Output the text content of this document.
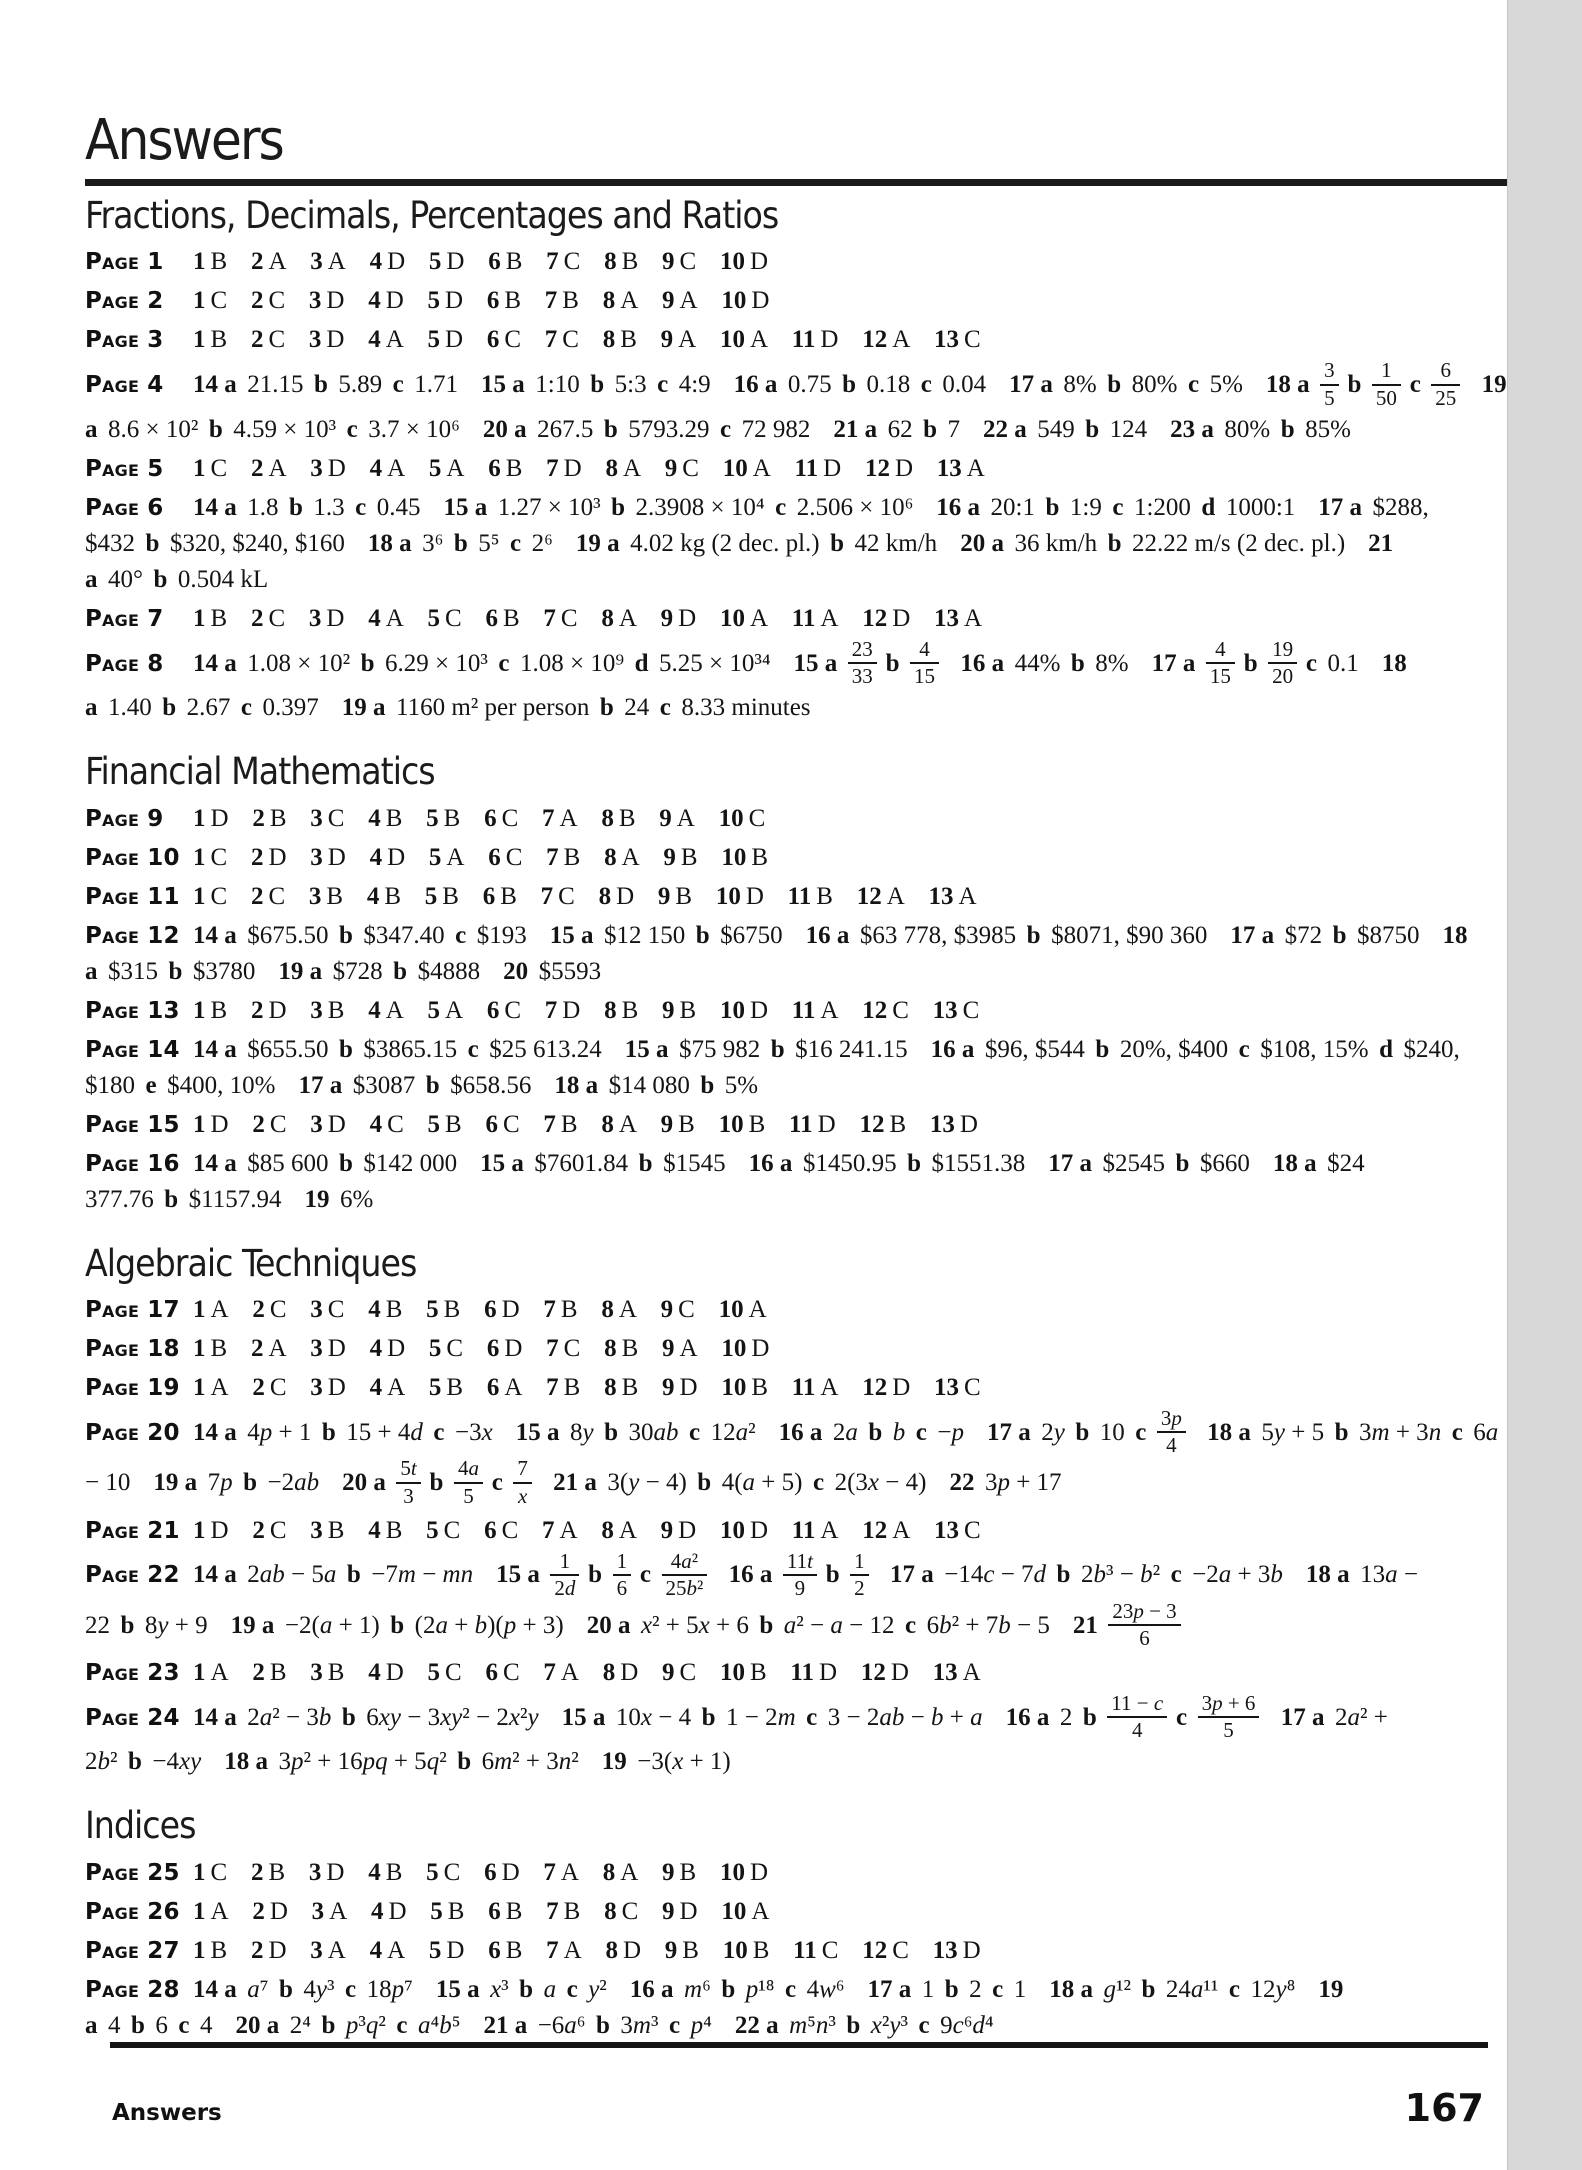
Answers
Fractions, Decimals, Percentages and Ratios

Page 1 1 B 2 A 3 A 4 D 5 D 6 B 7 C 8 B 9 C 10 D

Page 2 1 C 2 C 3 D 4 D 5 D 6 B 7 B 8 A 9 A 10 D

Page 3 1 B 2 C 3 D 4 A 5 D 6 C 7 C 8 B 9 A 10 A 11 D 12 A 13 C

Page 4 14 a 21.15 b 5.89 c 1.71 15 a 1:10 b 5:3 c 4:9 16 a 0.75 b 0.18 c 0.04 17 a 8% b 80% c 5% 18 a $\frac{3}{5}$ b $\frac{1}{50}$ c $\frac{6}{25} 19$ a 8.6 × 10² b 4.59 × 10³ c 3.7 × 10⁶ 20 a 267.5 b 5793.29 c 72 982 21 a 62 b 7 22 a 549 b 124 23 a 80% b 85%

Page 5 1 C 2 A 3 D 4 A 5 A 6 B 7 D 8 A 9 C 10 A 11 D 12 D 13 A

Page 6 14 a 1.8 b 1.3 c 0.45 15 a 1.27 × 10³ b 2.3908 × 10⁴ c 2.506 × 10⁶ 16 a 20:1 b 1:9 c 1:200 d 1000:1 17 a $288, $432 b $320, $240, $160 18 a 3⁶ b 5⁵ c 2⁶ 19 a 4.02 kg (2 dec. pl.) b 42 km/h 20 a 36 km/h b 22.22 m/s (2 dec. pl.) 21 a 40° b 0.504 kL

Page 7 1 B 2 C 3 D 4 A 5 C 6 B 7 C 8 A 9 D 10 A 11 A 12 D 13 A

Page 8 14 a 1.08 × 10² b 6.29 × 10³ c 1.08 × 10⁹ d 5.25 × 10³⁴ 15 a $\frac{23}{33}$ b $\frac{4}{15} 16$ a 44% b 8% 17 a $\frac{4}{15}$ b $\frac{19}{20}$ c 0.1 18 a 1.40 b 2.67 c 0.397 19 a 1160 m² per person b 24 c 8.33 minutes

Financial Mathematics

Page 9 1 D 2 B 3 C 4 B 5 B 6 C 7 A 8 B 9 A 10 C

Page 10 1 C 2 D 3 D 4 D 5 A 6 C 7 B 8 A 9 B 10 B

Page 11 1 C 2 C 3 B 4 B 5 B 6 B 7 C 8 D 9 B 10 D 11 B 12 A 13 A

Page 12 14 a $675.50 b $347.40 c $193 15 a $12 150 b $6750 16 a $63 778, $3985 b $8071, $90 360 17 a $72 b $8750 18 a $315 b $3780 19 a $728 b $4888 20 $5593

Page 13 1 B 2 D 3 B 4 A 5 A 6 C 7 D 8 B 9 B 10 D 11 A 12 C 13 C

Page 14 14 a $655.50 b $3865.15 c $25 613.24 15 a $75 982 b $16 241.15 16 a $96, $544 b 20%, $400 c $108, 15% d $240, $180 e $400, 10% 17 a $3087 b $658.56 18 a $14 080 b 5%

Page 15 1 D 2 C 3 D 4 C 5 B 6 C 7 B 8 A 9 B 10 B 11 D 12 B 13 D

Page 16 14 a $85 600 b $142 000 15 a $7601.84 b $1545 16 a $1450.95 b $1551.38 17 a $2545 b $660 18 a $24 377.76 b $1157.94 19 6%

Algebraic Techniques

Page 17 1 A 2 C 3 C 4 B 5 B 6 D 7 B 8 A 9 C 10 A

Page 18 1 B 2 A 3 D 4 D 5 C 6 D 7 C 8 B 9 A 10 D

Page 19 1 A 2 C 3 D 4 A 5 B 6 A 7 B 8 B 9 D 10 B 11 A 12 D 13 C

Page 20 14 a 4p + 1 b 15 + 4d c −3x 15 a 8y b 30ab c 12a² 16 a 2a b b c −p 17 a 2y b 10 c $\frac{3p}{4} 18$ a 5y + 5 b 3m + 3n c 6a − 10 19 a 7p b −2ab 20 a $\frac{5t}{3}$ b $\frac{4a}{5}$ c $\frac{7}{x} 21$ a 3(y − 4) b 4(a + 5) c 2(3x − 4) 22 3p + 17

Page 21 1 D 2 C 3 B 4 B 5 C 6 C 7 A 8 A 9 D 10 D 11 A 12 A 13 C

Page 22 14 a 2ab − 5a b −7m − mn 15 a $\frac{1}{2d}$ b $\frac{1}{6}$ c $\frac{\text{4a²}}{\text{25b²}} 16$ a $\frac{11t}{9}$ b $\frac{1}{2} 17$ a −14c − 7d b 2b³ − b² c −2a + 3b 18 a 13a − 22 b 8y + 9 19 a −2(a + 1) b (2a + b)(p + 3) 20 a x² + 5x + 6 b a² − a − 12 c 6b² + 7b − 5 $21 \frac{23p - 3}{6}$

Page 23 1 A 2 B 3 B 4 D 5 C 6 C 7 A 8 D 9 C 10 B 11 D 12 D 13 A

Page 24 14 a 2a² − 3b b 6xy − 3xy² − 2x²y 15 a 10x − 4 b 1 − 2m c 3 − 2ab − b + a 16 a 2 b $\frac{11 - c}{4}$ c $\frac{3p + 6}{5} 17$ a 2a² + 2b² b −4xy 18 a 3p² + 16pq + 5q² b 6m² + 3n² 19 −3(x + 1)

Indices

Page 25 1 C 2 B 3 D 4 B 5 C 6 D 7 A 8 A 9 B 10 D

Page 26 1 A 2 D 3 A 4 D 5 B 6 B 7 B 8 C 9 D 10 A

Page 27 1 B 2 D 3 A 4 A 5 D 6 B 7 A 8 D 9 B 10 B 11 C 12 C 13 D

Page 28 14 a a⁷ b 4y³ c 18p⁷ 15 a x³ b a c y² 16 a m⁶ b p¹⁸ c 4w⁶ 17 a 1 b 2 c 1 18 a g¹² b 24a¹¹ c 12y⁸ 19 a 4 b 6 c 4 20 a 2⁴ b p³q² c a⁴b⁵ 21 a −6a⁶ b 3m³ c p⁴ 22 a m⁵n³ b x²y³ c 9c⁶d⁴

Answers	167
